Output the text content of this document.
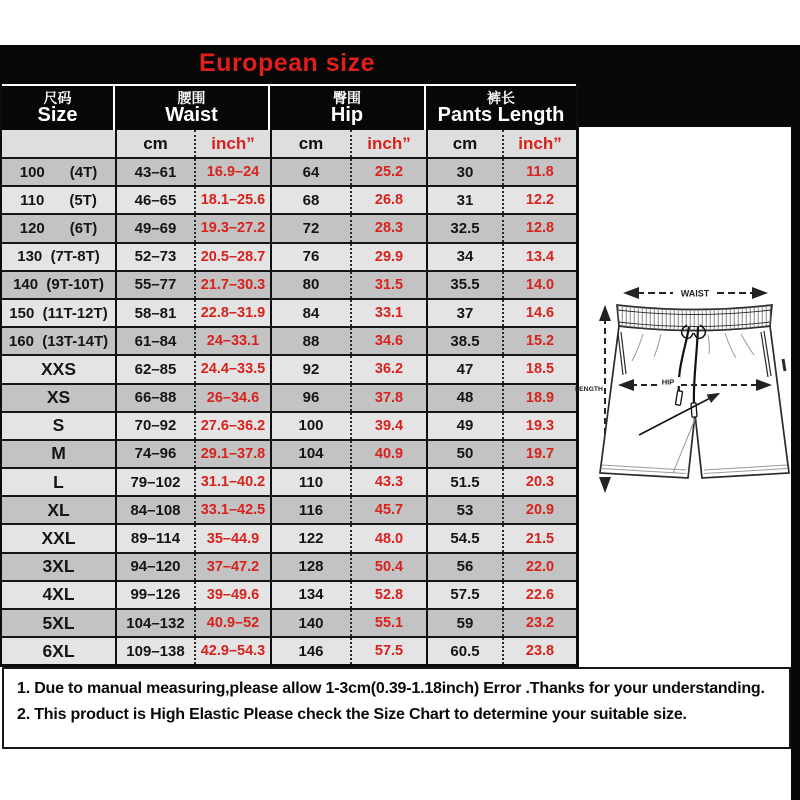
European size
尺码
Size
腰围
Waist
臀围
Hip
裤长
Pants Length
cm	inch”	cm	inch”	cm	inch”
100      (4T)	43–61	16.9–24	64	25.2	30	11.8
110      (5T)	46–65	18.1–25.6	68	26.8	31	12.2
120      (6T)	49–69	19.3–27.2	72	28.3	32.5	12.8
130  (7T-8T)	52–73	20.5–28.7	76	29.9	34	13.4
140  (9T-10T)	55–77	21.7–30.3	80	31.5	35.5	14.0
150  (11T-12T)	58–81	22.8–31.9	84	33.1	37	14.6
160  (13T-14T)	61–84	24–33.1	88	34.6	38.5	15.2
XXS	62–85	24.4–33.5	92	36.2	47	18.5
XS	66–88	26–34.6	96	37.8	48	18.9
S	70–92	27.6–36.2	100	39.4	49	19.3
M	74–96	29.1–37.8	104	40.9	50	19.7
L	79–102	31.1–40.2	110	43.3	51.5	20.3
XL	84–108	33.1–42.5	116	45.7	53	20.9
XXL	89–114	35–44.9	122	48.0	54.5	21.5
3XL	94–120	37–47.2	128	50.4	56	22.0
4XL	99–126	39–49.6	134	52.8	57.5	22.6
5XL	104–132	40.9–52	140	55.1	59	23.2
6XL	109–138	42.9–54.3	146	57.5	60.5	23.8
WAIST
LENGTH
HIP
1. Due to manual measuring,please allow 1-3cm(0.39-1.18inch) Error .Thanks for your understanding.
2. This product is High Elastic Please check the Size Chart to determine your suitable size.
